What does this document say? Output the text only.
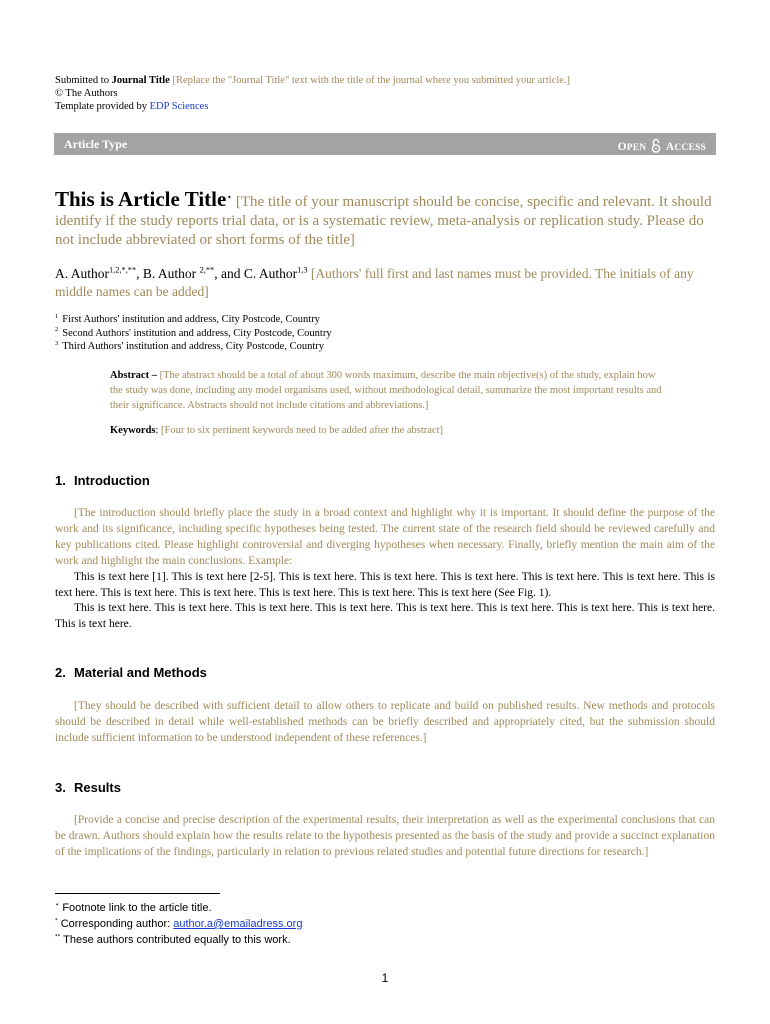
Submitted to Journal Title [Replace the "Journal Title" text with the title of the journal where you submitted your article.]
© The Authors
Template provided by EDP Sciences
Article Type	OPEN ACCESS
This is Article Title⋆ [The title of your manuscript should be concise, specific and relevant. It should identify if the study reports trial data, or is a systematic review, meta-analysis or replication study. Please do not include abbreviated or short forms of the title]
A. Author$^{1,2,*,**}$, B. Author $^{2,**}$, and C. Author$^{1,3}$ [Authors' full first and last names must be provided. The initials of any middle names can be added]
$^1$ First Authors' institution and address, City Postcode, Country
$^2$ Second Authors' institution and address, City Postcode, Country
$^3$ Third Authors' institution and address, City Postcode, Country
Abstract – [The abstract should be a total of about 300 words maximum, describe the main objective(s) of the study, explain how the study was done, including any model organisms used, without methodological detail, summarize the most important results and their significance. Abstracts should not include citations and abbreviations.]
Keywords: [Four to six pertinent keywords need to be added after the abstract]
1. Introduction
[The introduction should briefly place the study in a broad context and highlight why it is important. It should define the purpose of the work and its significance, including specific hypotheses being tested. The current state of the research field should be reviewed carefully and key publications cited. Please highlight controversial and diverging hypotheses when necessary. Finally, briefly mention the main aim of the work and highlight the main conclusions. Example:
This is text here [1]. This is text here [2-5]. This is text here. This is text here. This is text here. This is text here. This is text here. This is text here. This is text here. This is text here. This is text here. This is text here. This is text here (See Fig. 1).
This is text here. This is text here. This is text here. This is text here. This is text here. This is text here. This is text here. This is text here. This is text here.
2. Material and Methods
[They should be described with sufficient detail to allow others to replicate and build on published results. New methods and protocols should be described in detail while well-established methods can be briefly described and appropriately cited, but the submission should include sufficient information to be understood independent of these references.]
3. Results
[Provide a concise and precise description of the experimental results, their interpretation as well as the experimental conclusions that can be drawn. Authors should explain how the results relate to the hypothesis presented as the basis of the study and provide a succinct explanation of the implications of the findings, particularly in relation to previous related studies and potential future directions for research.]
⋆ Footnote link to the article title.
* Corresponding author: author.a@emailadress.org
** These authors contributed equally to this work.
1
